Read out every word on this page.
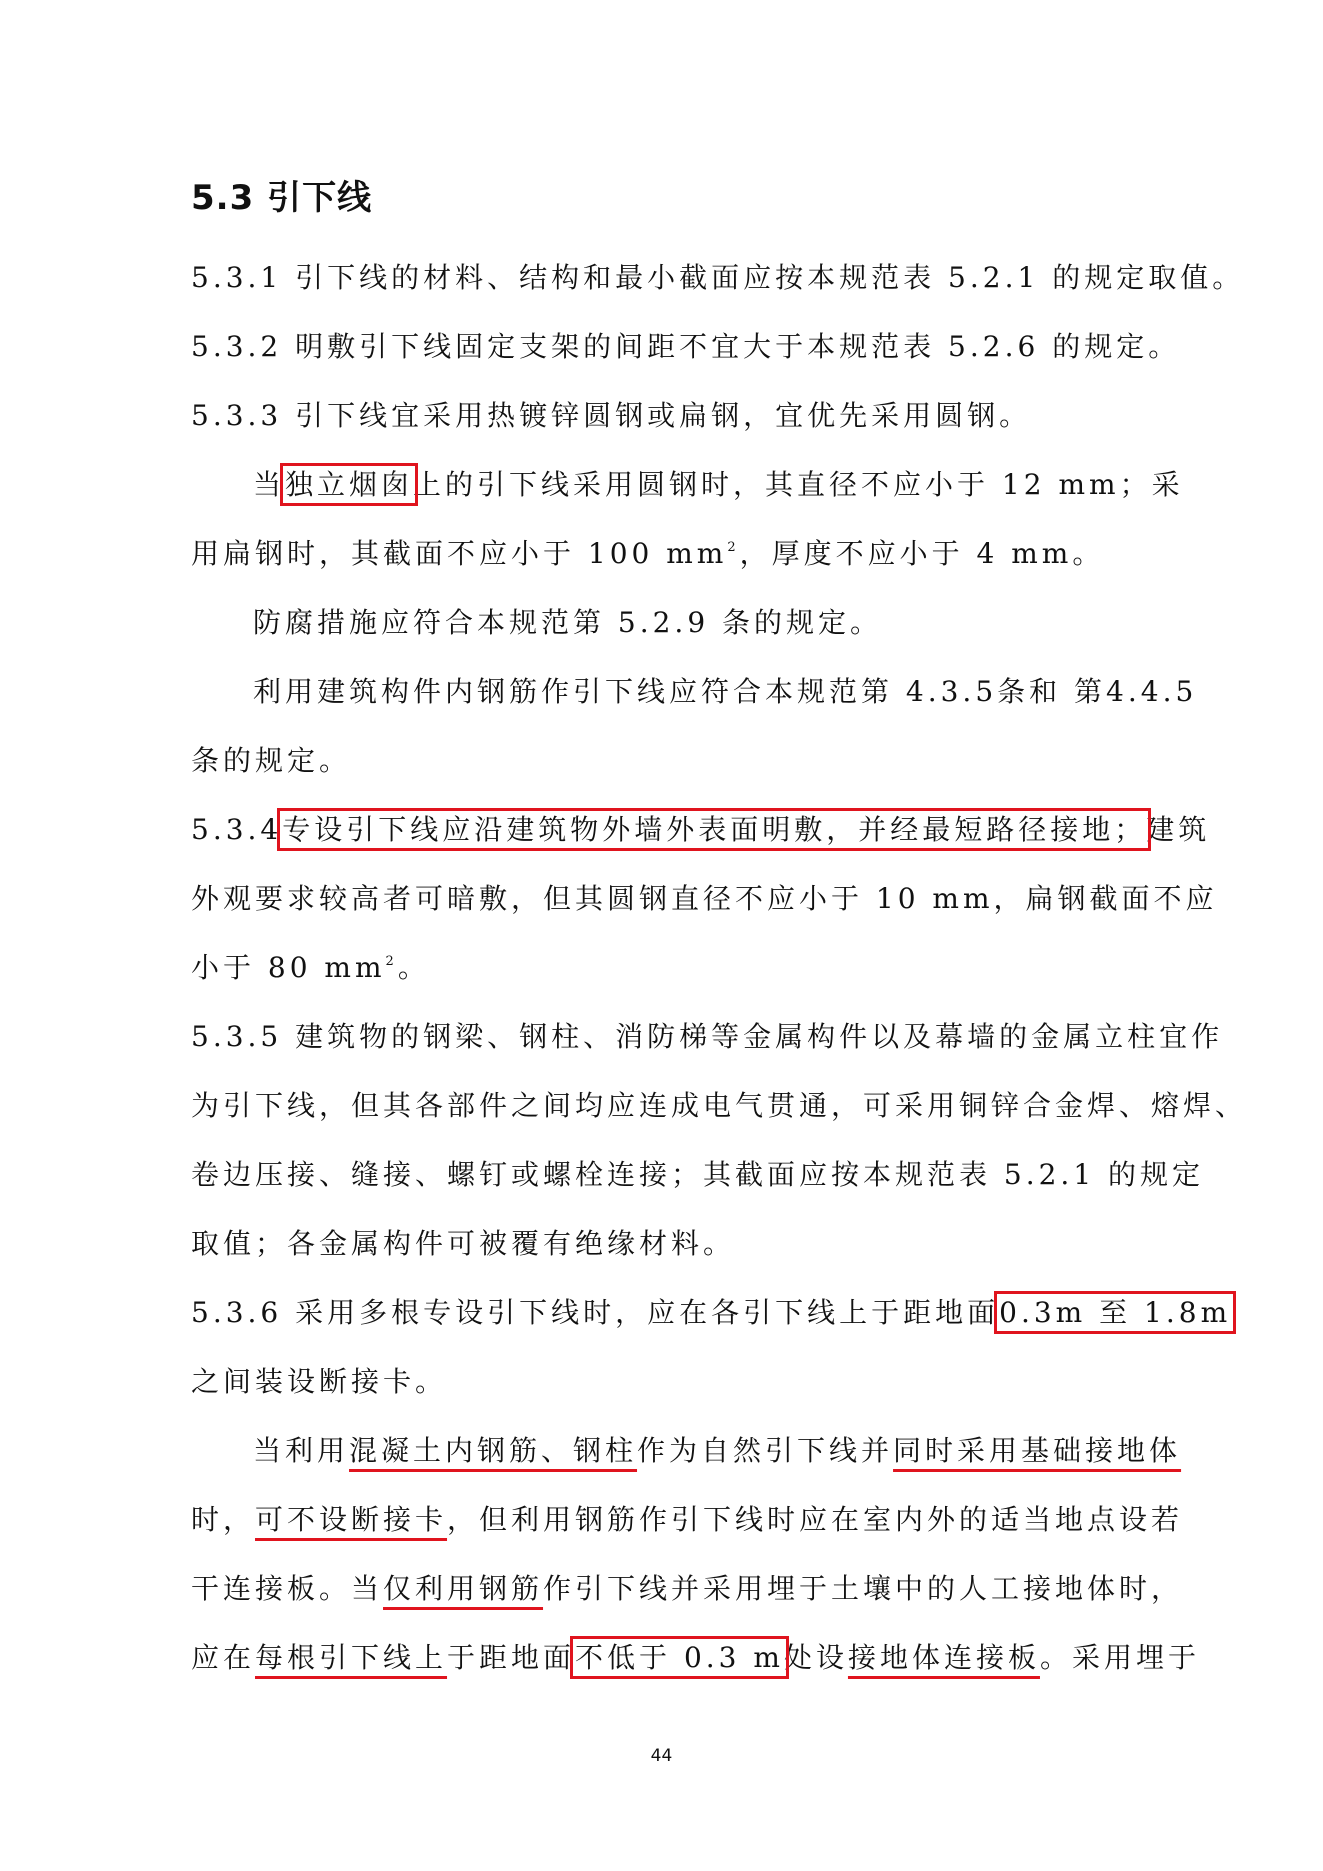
5.3 引下线
5.3.1 引下线的材料、结构和最小截面应按本规范表 5.2.1 的规定取值。
5.3.2 明敷引下线固定支架的间距不宜大于本规范表 5.2.6 的规定。
5.3.3 引下线宜采用热镀锌圆钢或扁钢，宜优先采用圆钢。
当独立烟囱上的引下线采用圆钢时，其直径不应小于 12 mm；采
用扁钢时，其截面不应小于 100 $mm^2$，厚度不应小于 4 mm。
防腐措施应符合本规范第 5.2.9 条的规定。
利用建筑构件内钢筋作引下线应符合本规范第 4.3.5条和 第4.4.5
条的规定。
5.3.4专设引下线应沿建筑物外墙外表面明敷，并经最短路径接地；建筑
外观要求较高者可暗敷，但其圆钢直径不应小于 10 mm，扁钢截面不应
小于 80 $mm^2$。
5.3.5 建筑物的钢梁、钢柱、消防梯等金属构件以及幕墙的金属立柱宜作
为引下线，但其各部件之间均应连成电气贯通，可采用铜锌合金焊、熔焊、
卷边压接、缝接、螺钉或螺栓连接；其截面应按本规范表 5.2.1 的规定
取值；各金属构件可被覆有绝缘材料。
5.3.6 采用多根专设引下线时，应在各引下线上于距地面0.3m 至 1.8m
之间装设断接卡。
当利用混凝土内钢筋、钢柱作为自然引下线并同时采用基础接地体
时，可不设断接卡，但利用钢筋作引下线时应在室内外的适当地点设若
干连接板。当仅利用钢筋作引下线并采用埋于土壤中的人工接地体时，
应在每根引下线上于距地面不低于 0.3 m处设接地体连接板。采用埋于
44
